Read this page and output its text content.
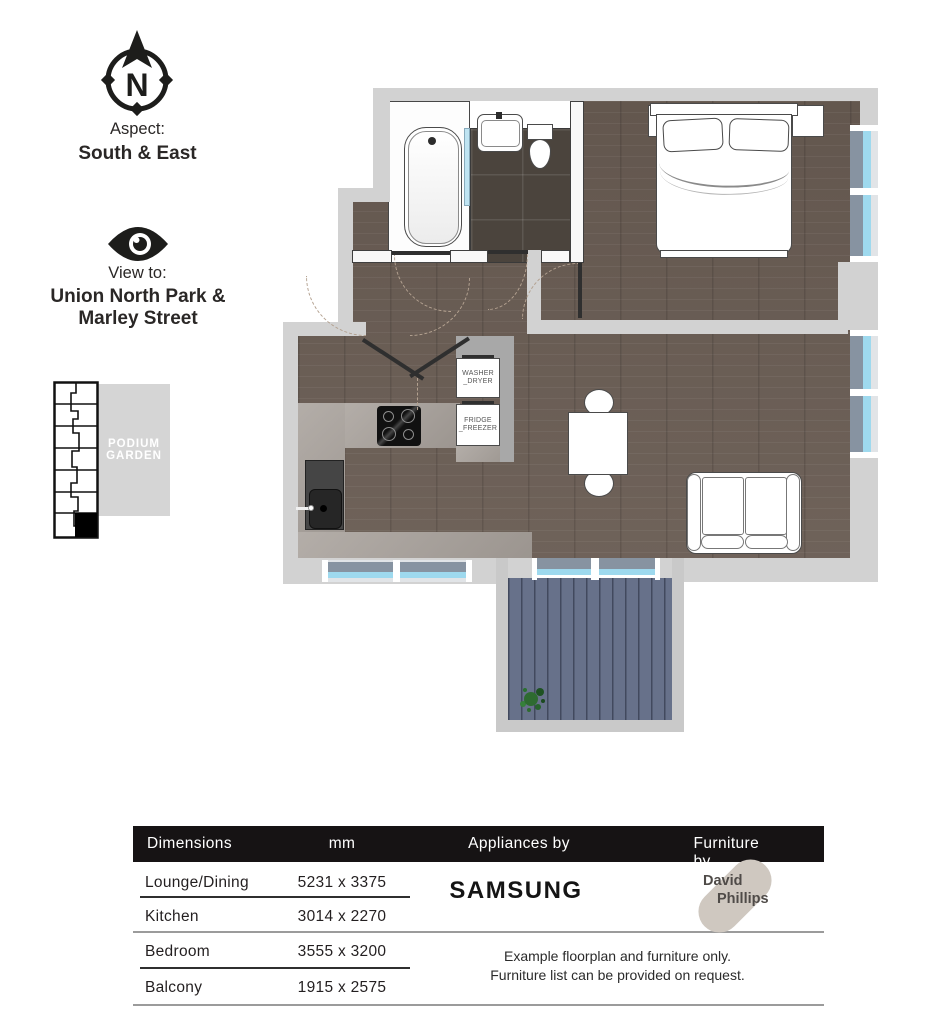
N
Aspect:
South & East
View to:
Union North Park &
Marley Street
PODIUM
GARDEN
WASHER
_DRYER
FRIDGE
_FREEZER
Dimensions	mm	Appliances by	Furniture by
Lounge/Dining	5231 x 3375
Kitchen	3014 x 2270
Bedroom	3555 x 3200
Balcony	1915 x 2575
SAMSUNG	David
Phillips
Example floorplan and furniture only.
Furniture list can be provided on request.
